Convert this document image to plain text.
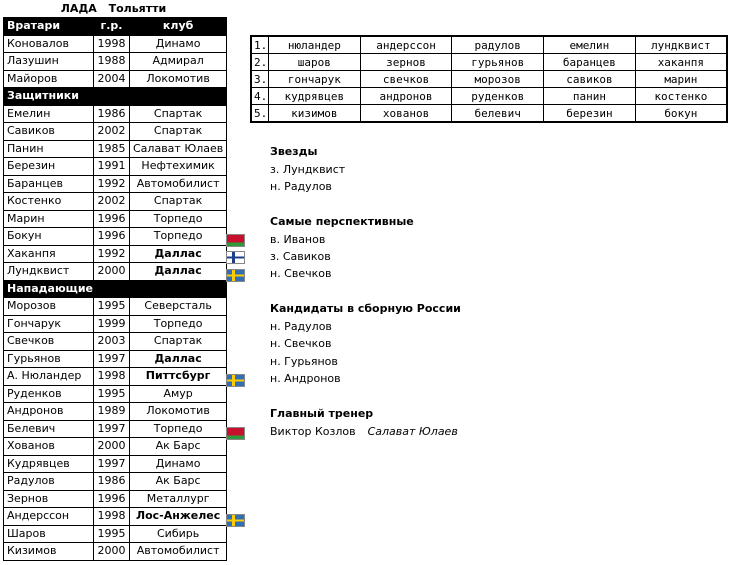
ЛАДА Тольятти
Вратари	г.р.	клуб
Коновалов	1998	Динамо
Лазушин	1988	Адмирал
Майоров	2004	Локомотив
Защитники		
Емелин	1986	Спартак
Савиков	2002	Спартак
Панин	1985	Салават Юлаев
Березин	1991	Нефтехимик
Баранцев	1992	Автомобилист
Костенко	2002	Спартак
Марин	1996	Торпедо
Бокун	1996	Торпедо
Хаканпя	1992	Даллас
Лундквист	2000	Даллас
Нападающие		
Морозов	1995	Северсталь
Гончарук	1999	Торпедо
Свечков	2003	Спартак
Гурьянов	1997	Даллас
А. Нюландер	1998	Питтсбург
Руденков	1995	Амур
Андронов	1989	Локомотив
Белевич	1997	Торпедо
Хованов	2000	Ак Барс
Кудрявцев	1997	Динамо
Радулов	1986	Ак Барс
Зернов	1996	Металлург
Андерссон	1998	Лос-Анжелес
Шаров	1995	Сибирь
Кизимов	2000	Автомобилист
1.	нюландер	андерссон	радулов	емелин	лундквист
2.	шаров	зернов	гурьянов	баранцев	хаканпя
3.	гончарук	свечков	морозов	савиков	марин
4.	кудрявцев	андронов	руденков	панин	костенко
5.	кизимов	хованов	белевич	березин	бокун
Звезды
з. Лундквист
н. Радулов
Самые перспективные
в. Иванов
з. Савиков
н. Свечков
Кандидаты в сборную России
н. Радулов
н. Свечков
н. Гурьянов
н. Андронов
Главный тренер
Виктор Козлов Салават Юлаев
